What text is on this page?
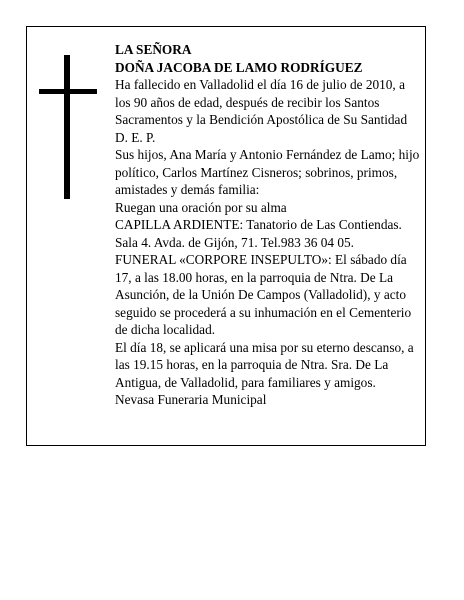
LA SEÑORA

DOÑA JACOBA DE LAMO RODRÍGUEZ

Ha fallecido en Valladolid el día 16 de julio de 2010, a los 90 años de edad, después de recibir los Santos Sacramentos y la Bendición Apostólica de Su Santidad D. E. P.

Sus hijos, Ana María y Antonio Fernández de Lamo; hijo político, Carlos Martínez Cisneros; sobrinos, primos, amistades y demás familia:

Ruegan una oración por su alma

CAPILLA ARDIENTE: Tanatorio de Las Contiendas. Sala 4. Avda. de Gijón, 71. Tel.983 36 04 05.

FUNERAL «CORPORE INSEPULTO»: El sábado día 17, a las 18.00 horas, en la parroquia de Ntra. De La Asunción, de la Unión De Campos (Valladolid), y acto seguido se procederá a su inhumación en el Cementerio de dicha localidad.

El día 18, se aplicará una misa por su eterno descanso, a las 19.15 horas, en la parroquia de Ntra. Sra. De La Antigua, de Valladolid, para familiares y amigos.

Nevasa Funeraria Municipal
